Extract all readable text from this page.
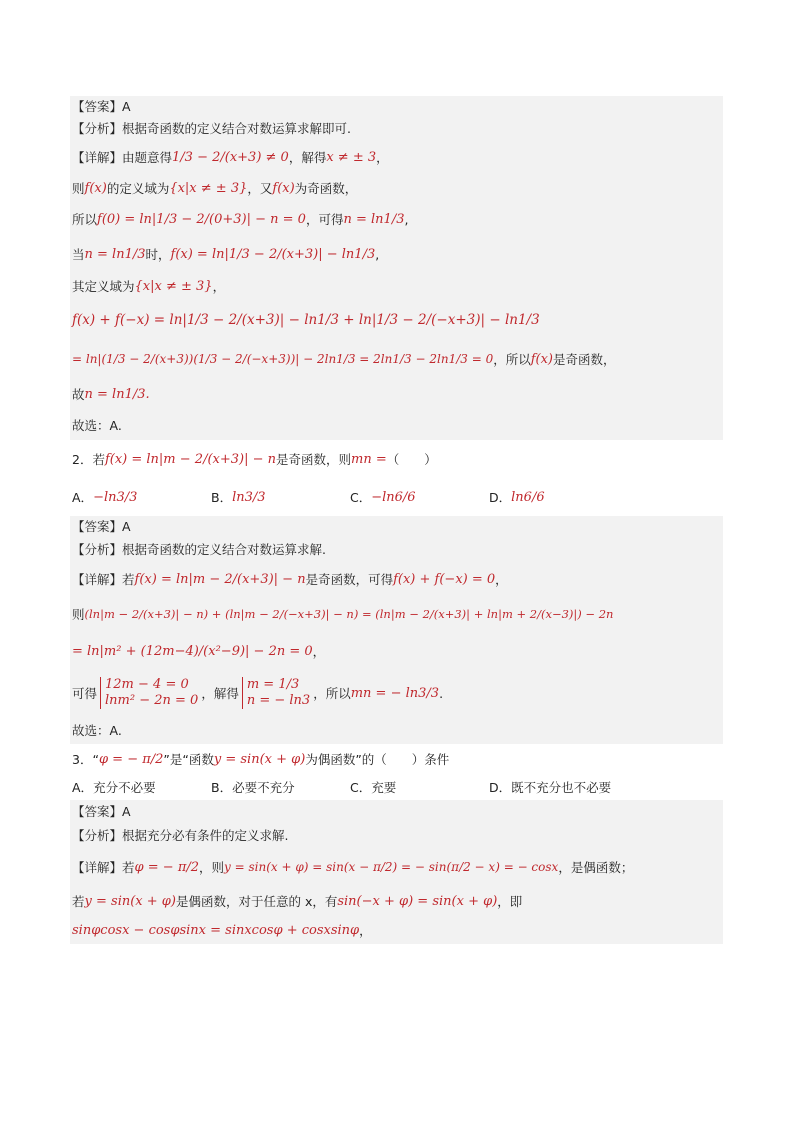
【答案】A
【分析】 根据奇函数的定义结合对数运算求解即可.
【详解】 由题意得 1/3 − 2/(x+3) ≠ 0 ，解得 x ≠ ± 3 ，
则 f(x) 的定义域为 {x|x ≠ ± 3} ，又 f(x) 为奇函数，
所以 f(0) = ln|1/3 − 2/(0+3)| − n = 0 ，可得 n = ln1/3 ,
当 n = ln1/3 时， f(x) = ln|1/3 − 2/(x+3)| − ln1/3 ,
其定义域为 {x|x ≠ ± 3} ，
f(x) + f(−x) = ln|1/3 − 2/(x+3)| − ln1/3 + ln|1/3 − 2/(−x+3)| − ln1/3
= ln|(1/3 − 2/(x+3))(1/3 − 2/(−x+3))| − 2ln1/3 = 2ln1/3 − 2ln1/3 = 0 ，所以 f(x) 是奇函数，
故 n = ln1/3.
故选：A.
2．若 f(x) = ln|m − 2/(x+3)| − n 是奇函数，则 mn = （　　）
A． −ln3/3	B． ln3/3	C． −ln6/6	D． ln6/6
【答案】A
【分析】 根据奇函数的定义结合对数运算求解.
【详解】 若 f(x) = ln|m − 2/(x+3)| − n 是奇函数，可得 f(x) + f(−x) = 0 ，
则 (ln|m − 2/(x+3)| − n) + (ln|m − 2/(−x+3)| − n) = (ln|m − 2/(x+3)| + ln|m + 2/(x−3)|) − 2n
= ln|m² + (12m−4)/(x²−9)| − 2n = 0 ，
可得
12m − 4 = 0
lnm² − 2n = 0 ，解得
m = 1/3
n = − ln3 ，所以 mn = − ln3/3 .
故选：A.
3．“ φ = − π/2 ”是“函数 y = sin(x + φ) 为偶函数”的（　　）条件
A． 充分不必要	B． 必要不充分	C． 充要	D． 既不充分也不必要
【答案】A
【分析】 根据充分必有条件的定义求解.
【详解】 若 φ = − π/2 ，则 y = sin(x + φ) = sin(x − π/2) = − sin(π/2 − x) = − cosx ，是偶函数；
若 y = sin(x + φ) 是偶函数，对于任意的 x，有 sin(−x + φ) = sin(x + φ) ，即
sinφcosx − cosφsinx = sinxcosφ + cosxsinφ ，
